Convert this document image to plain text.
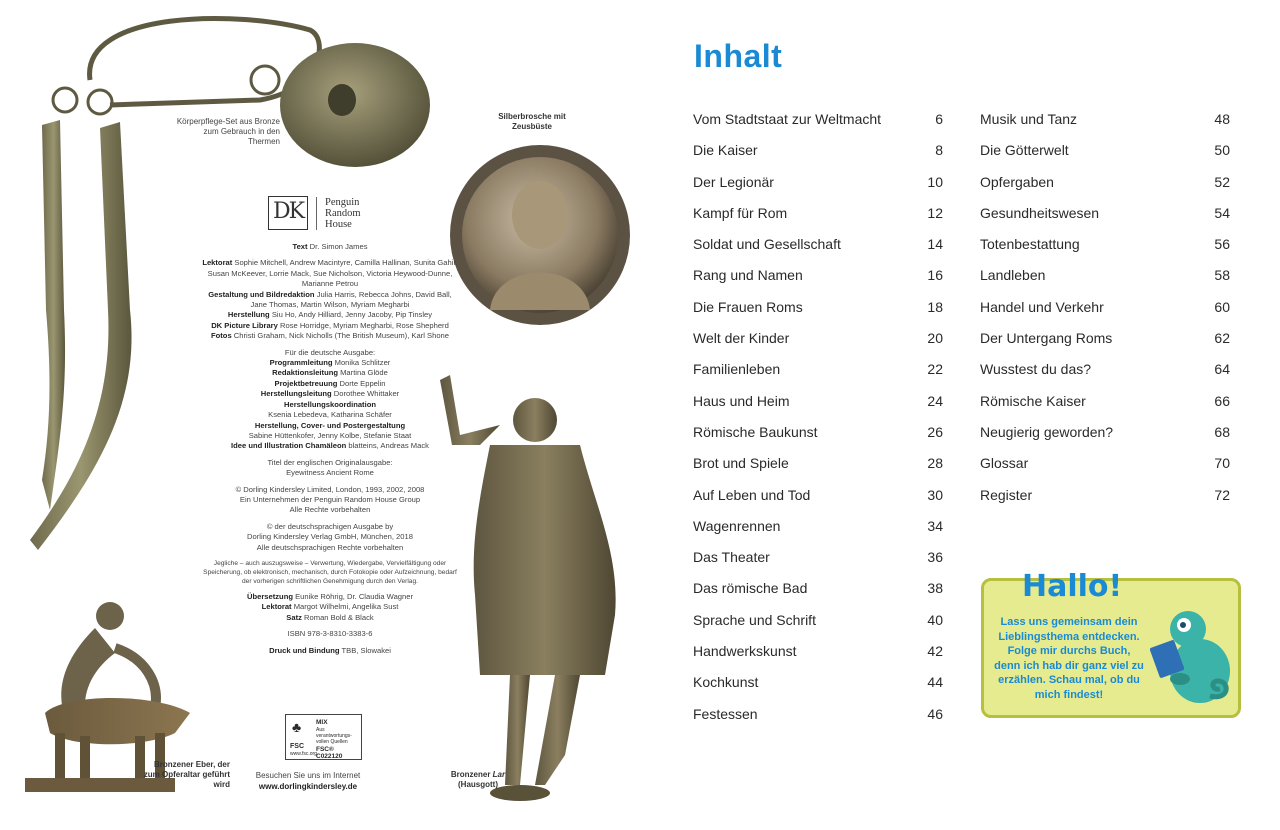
Körperpflege-Set aus Bronze zum Gebrauch in den Thermen
Silberbrosche mit Zeusbüste
DK	Penguin
Random
House

Text Dr. Simon James

Lektorat Sophie Mitchell, Andrew Macintyre, Camilla Hallinan, Sunita Gahir, Susan McKeever, Lorrie Mack, Sue Nicholson, Victoria Heywood-Dunne, Marianne Petrou

Gestaltung und Bildredaktion Julia Harris, Rebecca Johns, David Ball, Jane Thomas, Martin Wilson, Myriam Megharbi

Herstellung Siu Ho, Andy Hilliard, Jenny Jacoby, Pip Tinsley

DK Picture Library Rose Horridge, Myriam Megharbi, Rose Shepherd

Fotos Christi Graham, Nick Nicholls (The British Museum), Karl Shone

Für die deutsche Ausgabe:

Programmleitung Monika Schlitzer

Redaktionsleitung Martina Glöde

Projektbetreuung Dorte Eppelin

Herstellungsleitung Dorothee Whittaker

Herstellungskoordination

Ksenia Lebedeva, Katharina Schäfer

Herstellung, Cover- und Postergestaltung

Sabine Hüttenkofer, Jenny Kolbe, Stefanie Staat

Idee und Illustration Chamäleon blatteins, Andreas Mack

Titel der englischen Originalausgabe:

Eyewitness Ancient Rome

© Dorling Kindersley Limited, London, 1993, 2002, 2008

Ein Unternehmen der Penguin Random House Group

Alle Rechte vorbehalten

© der deutschsprachigen Ausgabe by

Dorling Kindersley Verlag GmbH, München, 2018

Alle deutschsprachigen Rechte vorbehalten

Jegliche – auch auszugsweise – Verwertung, Wiedergabe, Vervielfältigung oder Speicherung, ob elektronisch, mechanisch, durch Fotokopie oder Aufzeichnung, bedarf der vorherigen schriftlichen Genehmigung durch den Verlag.

Übersetzung Eunike Röhrig, Dr. Claudia Wagner

Lektorat Margot Wilhelmi, Angelika Sust

Satz Roman Bold & Black

ISBN 978-3-8310-3383-6

Druck und Bindung TBB, Slowakei

♣
FSC
www.fsc.org
MIX
Aus verantwortungs-vollen Quellen
FSC® C022120
Besuchen Sie uns im Internet
www.dorlingkindersley.de
Bronzener Eber, der zum Opferaltar geführt wird
Bronzener Lar
(Hausgott)
Inhalt
Vom Stadtstaat zur Weltmacht	6
Die Kaiser	8
Der Legionär	10
Kampf für Rom	12
Soldat und Gesellschaft	14
Rang und Namen	16
Die Frauen Roms	18
Welt der Kinder	20
Familienleben	22
Haus und Heim	24
Römische Baukunst	26
Brot und Spiele	28
Auf Leben und Tod	30
Wagenrennen	34
Das Theater	36
Das römische Bad	38
Sprache und Schrift	40
Handwerkskunst	42
Kochkunst	44
Festessen	46
Musik und Tanz	48
Die Götterwelt	50
Opfergaben	52
Gesundheitswesen	54
Totenbestattung	56
Landleben	58
Handel und Verkehr	60
Der Untergang Roms	62
Wusstest du das?	64
Römische Kaiser	66
Neugierig geworden?	68
Glossar	70
Register	72
Hallo!
Lass uns gemeinsam dein Lieblingsthema entdecken. Folge mir durchs Buch, denn ich hab dir ganz viel zu erzählen. Schau mal, ob du mich findest!
